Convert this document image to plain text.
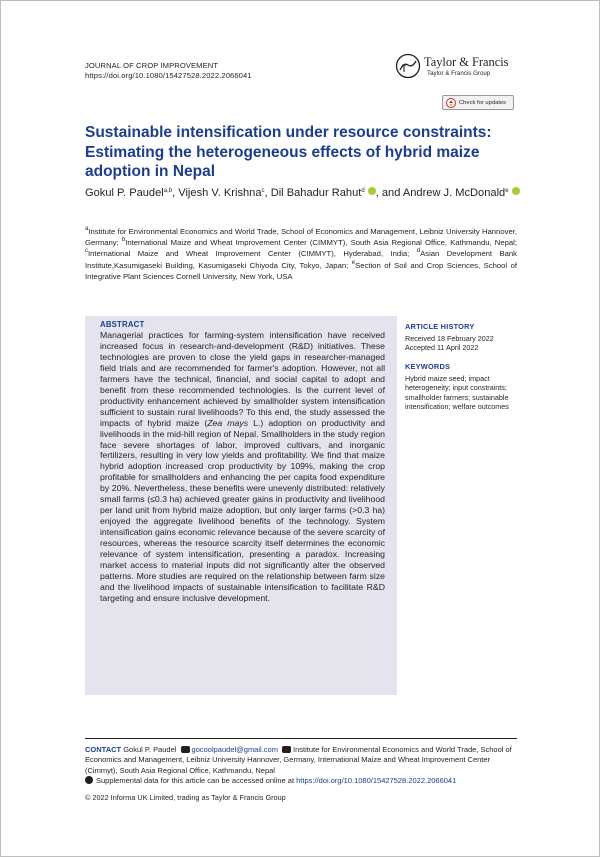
JOURNAL OF CROP IMPROVEMENT
https://doi.org/10.1080/15427528.2022.2066041
Taylor & Francis
Taylor & Francis Group
Check for updates
Sustainable intensification under resource constraints: Estimating the heterogeneous effects of hybrid maize adoption in Nepal
Gokul P. Paudel$^{a,b}$, Vijesh V. Krishna$^c$, Dil Bahadur Rahut$^d$ , and Andrew J. McDonald$^e$

$^a$Institute for Environmental Economics and World Trade, School of Economics and Management, Leibniz University Hannover, Germany; $^b$International Maize and Wheat Improvement Center (CIMMYT), South Asia Regional Office, Kathmandu, Nepal; $^c$International Maize and Wheat Improvement Center (CIMMYT), Hyderabad, India; $^d$Asian Development Bank Institute,Kasumigaseki Building, Kasumigaseki Chiyoda City, Tokyo, Japan; $^e$Section of Soil and Crop Sciences, School of Integrative Plant Sciences Cornell University, New York, USA

ABSTRACT

Managerial practices for farming-system intensification have received increased focus in research-and-development (R&D) initiatives. These technologies are proven to close the yield gaps in researcher-managed field trials and are recommended for farmer's adoption. However, not all farmers have the technical, financial, and social capital to adopt and benefit from these recommended technologies. Is the current level of productivity enhancement achieved by smallholder system intensification sufficient to sustain rural livelihoods? To this end, the study assessed the impacts of hybrid maize (Zea mays L.) adoption on productivity and livelihoods in the mid-hill region of Nepal. Smallholders in the study region face severe shortages of labor, improved cultivars, and inorganic fertilizers, resulting in very low yields and profitability. We find that maize hybrid adoption increased crop productivity by 109%, making the crop profitable for smallholders and enhancing the per capita food expenditure by 20%. Nevertheless, these benefits were unevenly distributed: relatively small farms (≤0.3 ha) achieved greater gains in productivity and livelihood per land unit from hybrid maize adoption, but only larger farms (>0.3 ha) enjoyed the aggregate livelihood benefits of the technology. System intensification gains economic relevance because of the severe scarcity of resources, whereas the resource scarcity itself determines the economic relevance of system intensification, presenting a paradox. Increasing market access to material inputs did not significantly alter the observed patterns. More studies are required on the relationship between farm size and the livelihood impacts of sustainable intensification to facilitate R&D targeting and ensure inclusive development.

ARTICLE HISTORY
Received 18 February 2022
Accepted 11 April 2022
KEYWORDS
Hybrid maize seed; impact heterogeneity; input constraints; smallholder farmers; sustainable intensification; welfare outcomes

CONTACT Gokul P. Paudel gocoolpaudel@gmail.com Institute for Environmental Economics and World Trade, School of Economics and Management, Leibniz University Hannover, Germany, International Maize and Wheat Improvement Center (Cimmyt), South Asia Regional Office, Kathmandu, Nepal
Supplemental data for this article can be accessed online at https://doi.org/10.1080/15427528.2022.2066041

© 2022 Informa UK Limited, trading as Taylor & Francis Group
